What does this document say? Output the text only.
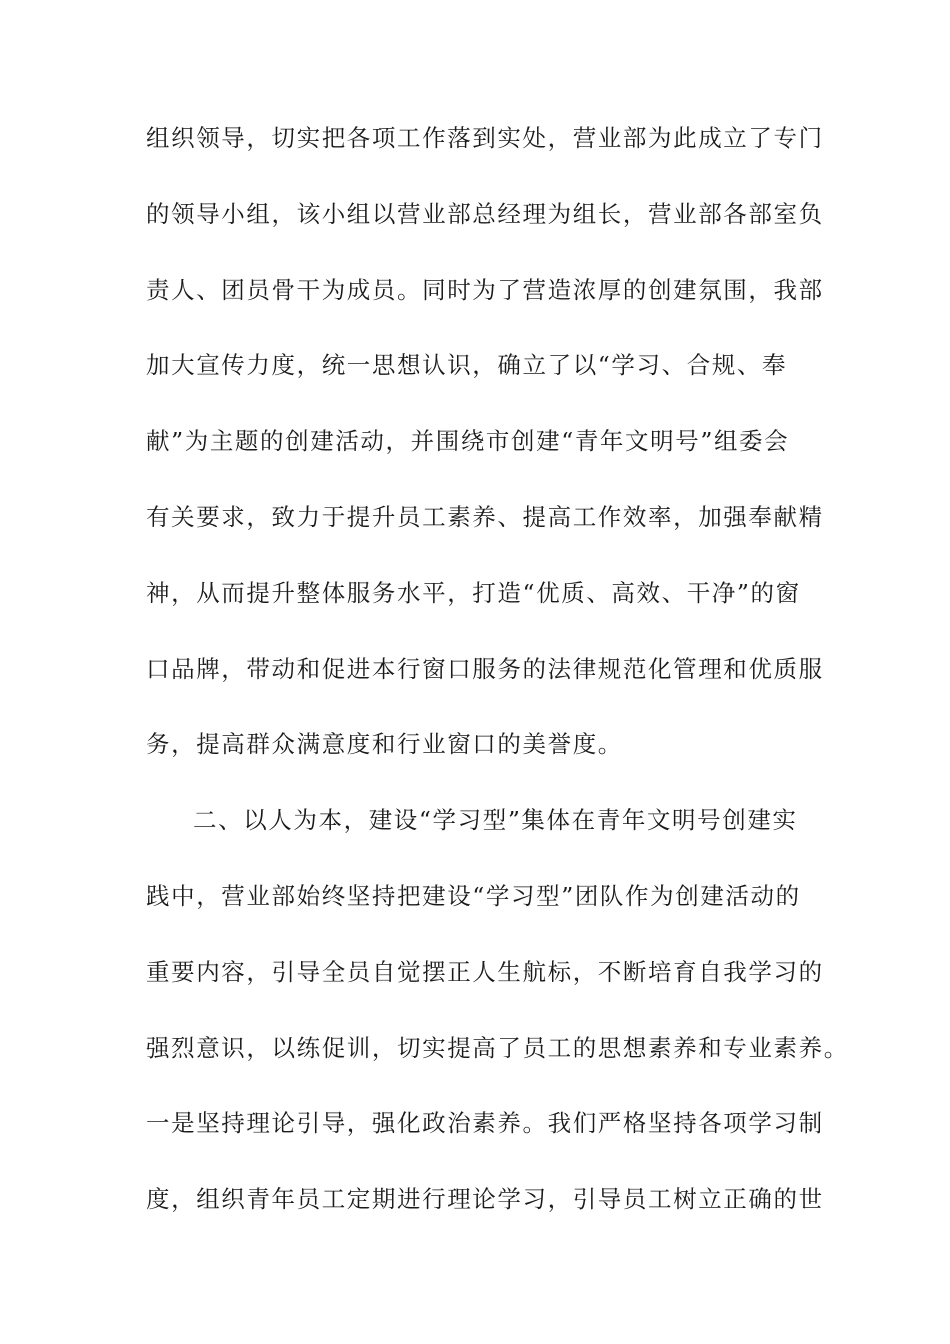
组织领导，切实把各项工作落到实处，营业部为此成立了专门
的领导小组，该小组以营业部总经理为组长，营业部各部室负
责人、团员骨干为成员。同时为了营造浓厚的创建氛围，我部
加大宣传力度，统一思想认识，确立了以“学习、合规、奉
献”为主题的创建活动，并围绕市创建“青年文明号”组委会
有关要求，致力于提升员工素养、提高工作效率，加强奉献精
神，从而提升整体服务水平，打造“优质、高效、干净”的窗
口品牌，带动和促进本行窗口服务的法律规范化管理和优质服
务，提高群众满意度和行业窗口的美誉度。
二、以人为本，建设“学习型”集体在青年文明号创建实
践中，营业部始终坚持把建设“学习型”团队作为创建活动的
重要内容，引导全员自觉摆正人生航标，不断培育自我学习的
强烈意识，以练促训，切实提高了员工的思想素养和专业素养。
一是坚持理论引导，强化政治素养。我们严格坚持各项学习制
度，组织青年员工定期进行理论学习，引导员工树立正确的世
